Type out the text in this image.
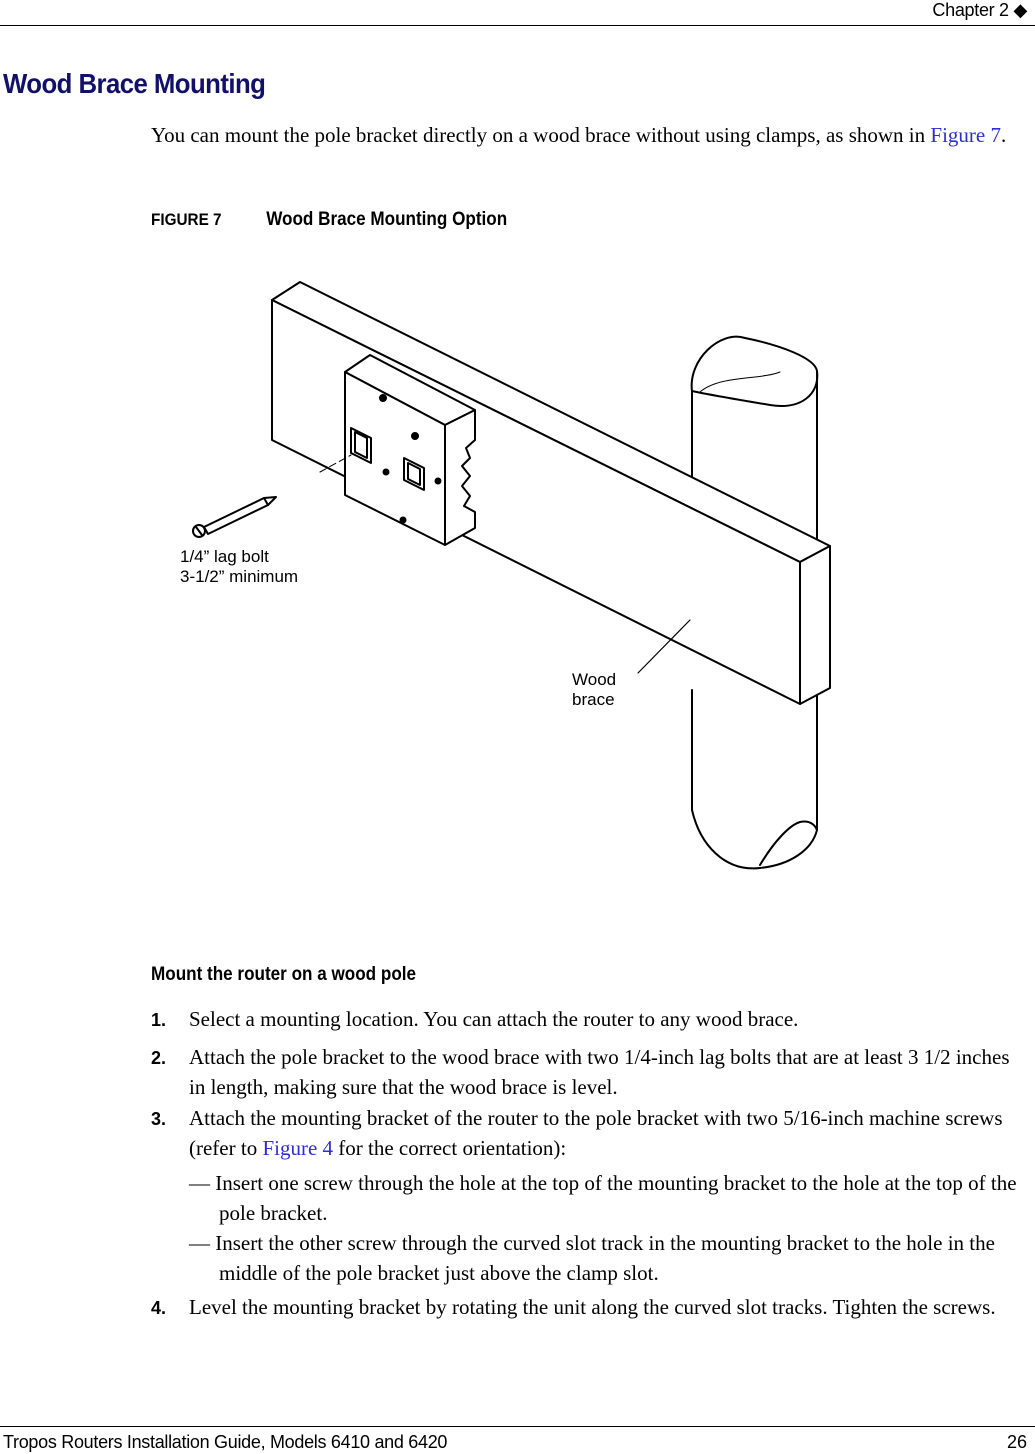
Chapter 2 ◆
Wood Brace Mounting

You can mount the pole bracket directly on a wood brace without using clamps, as shown in Figure 7.

FIGURE 7 Wood Brace Mounting Option
1/4” lag bolt
3-1/2” minimum
Wood
brace
Mount the router on a wood pole
1. Select a mounting location. You can attach the router to any wood brace.
2. Attach the pole bracket to the wood brace with two 1/4-inch lag bolts that are at least 3 1/2 inches in length, making sure that the wood brace is level.
3. Attach the mounting bracket of the router to the pole bracket with two 5/16-inch machine screws (refer to Figure 4 for the correct orientation):
— Insert one screw through the hole at the top of the mounting bracket to the hole at the top of the pole bracket.
— Insert the other screw through the curved slot track in the mounting bracket to the hole in the middle of the pole bracket just above the clamp slot.
4. Level the mounting bracket by rotating the unit along the curved slot tracks. Tighten the screws.
Tropos Routers Installation Guide, Models 6410 and 6420	26
